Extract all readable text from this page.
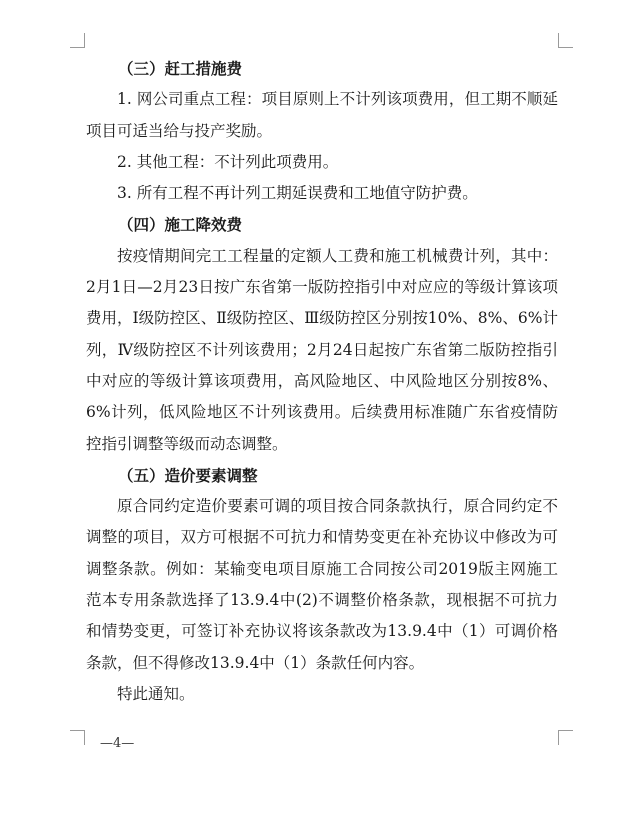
（三）赶工措施费

1. 网公司重点工程：项目原则上不计列该项费用，但工期不顺延项目可适当给与投产奖励。

2. 其他工程：不计列此项费用。

3. 所有工程不再计列工期延误费和工地值守防护费。

（四）施工降效费

按疫情期间完工工程量的定额人工费和施工机械费计列，其中：2月1日—2月23日按广东省第一版防控指引中对应应的等级计算该项费用，Ⅰ级防控区、Ⅱ级防控区、Ⅲ级防控区分别按10%、8%、6%计列，Ⅳ级防控区不计列该费用；2月24日起按广东省第二版防控指引中对应的等级计算该项费用，高风险地区、中风险地区分别按8%、6%计列，低风险地区不计列该费用。后续费用标准随广东省疫情防控指引调整等级而动态调整。

（五）造价要素调整

原合同约定造价要素可调的项目按合同条款执行，原合同约定不调整的项目，双方可根据不可抗力和情势变更在补充协议中修改为可调整条款。例如：某输变电项目原施工合同按公司2019版主网施工范本专用条款选择了13.9.4中(2)不调整价格条款，现根据不可抗力和情势变更，可签订补充协议将该条款改为13.9.4中（1）可调价格条款，但不得修改13.9.4中（1）条款任何内容。

特此通知。

—4—
